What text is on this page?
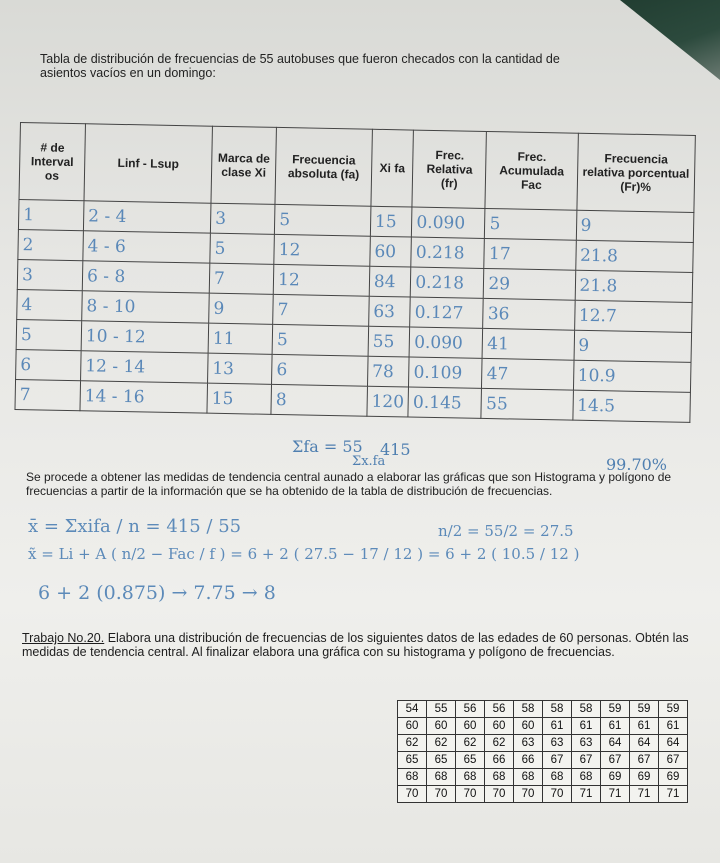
Tabla de distribución de frecuencias de 55 autobuses que fueron checados con la cantidad de
asientos vacíos en un domingo:
# de Interval os	Linf - Lsup	Marca de clase Xi	Frecuencia absoluta (fa)	Xi fa	Frec. Relativa (fr)	Frec. Acumulada Fac	Frecuencia relativa porcentual (Fr)%
1	2 - 4	3	5	15	0.090	5	9
2	4 - 6	5	12	60	0.218	17	21.8
3	6 - 8	7	12	84	0.218	29	21.8
4	8 - 10	9	7	63	0.127	36	12.7
5	10 - 12	11	5	55	0.090	41	9
6	12 - 14	13	6	78	0.109	47	10.9
7	14 - 16	15	8	120	0.145	55	14.5
Σfa = 55 415
Σx.fa	99.70%
Se procede a obtener las medidas de tendencia central aunado a elaborar las gráficas que son Histograma y polígono de frecuencias a partir de la información que se ha obtenido de la tabla de distribución de frecuencias.
x̄ = Σxifa / n = 415 / 55	n/2 = 55/2 = 27.5
x̃ = Li + A ( n/2 − Fac / f ) = 6 + 2 ( 27.5 − 17 / 12 ) = 6 + 2 ( 10.5 / 12 )
6 + 2 (0.875) → 7.75 → 8
Trabajo No.20. Elabora una distribución de frecuencias de los siguientes datos de las edades de 60 personas. Obtén las medidas de tendencia central. Al finalizar elabora una gráfica con su histograma y polígono de frecuencias.
54	55	56	56	58	58	58	59	59	59
60	60	60	60	60	61	61	61	61	61
62	62	62	62	63	63	63	64	64	64
65	65	65	66	66	67	67	67	67	67
68	68	68	68	68	68	68	69	69	69
70	70	70	70	70	70	71	71	71	71
